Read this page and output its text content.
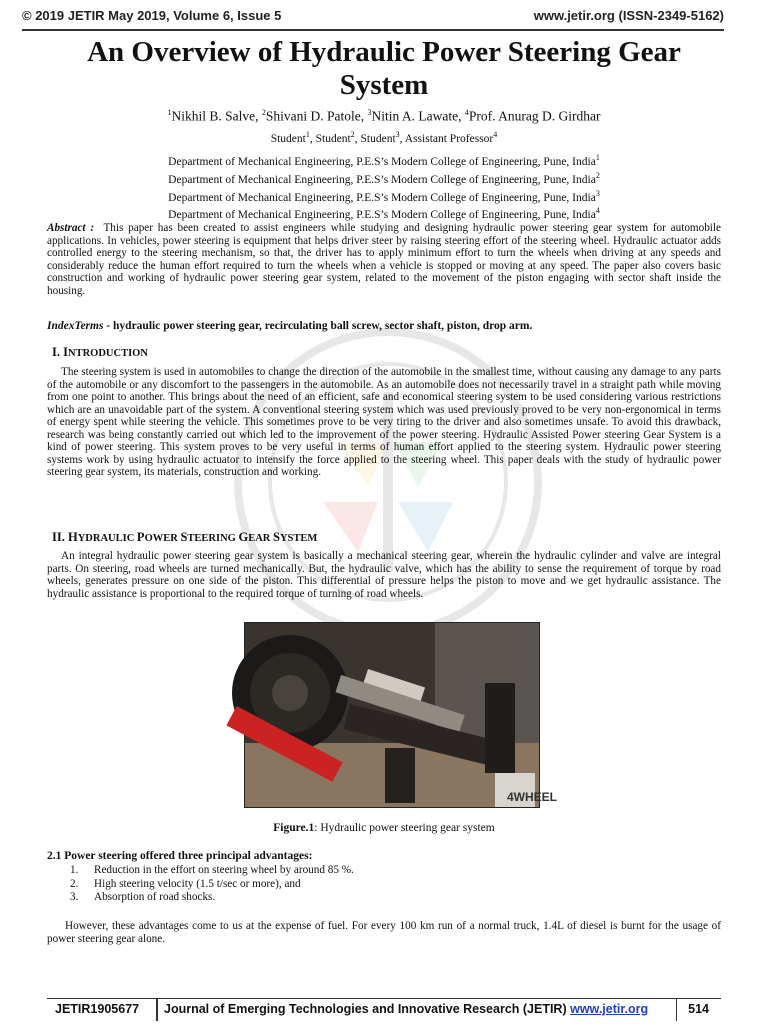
© 2019 JETIR May 2019, Volume 6, Issue 5	www.jetir.org (ISSN-2349-5162)
An Overview of Hydraulic Power Steering Gear System
$^1$Nikhil B. Salve, $^2$Shivani D. Patole, $^3$Nitin A. Lawate, $^4$Prof. Anurag D. Girdhar
Student$^1$, Student$^2$, Student$^3$, Assistant Professor$^4$
Department of Mechanical Engineering, P.E.S’s Modern College of Engineering, Pune, India$^1$
Department of Mechanical Engineering, P.E.S’s Modern College of Engineering, Pune, India$^2$
Department of Mechanical Engineering, P.E.S’s Modern College of Engineering, Pune, India$^3$
Department of Mechanical Engineering, P.E.S’s Modern College of Engineering, Pune, India$^4$
Abstract : This paper has been created to assist engineers while studying and designing hydraulic power steering gear system for automobile applications. In vehicles, power steering is equipment that helps driver steer by raising steering effort of the steering wheel. Hydraulic actuator adds controlled energy to the steering mechanism, so that, the driver has to apply minimum effort to turn the wheels when driving at any speeds and considerably reduce the human effort required to turn the wheels when a vehicle is stopped or moving at any speed. The paper also covers basic construction and working of hydraulic power steering gear system, related to the movement of the piston engaging with sector shaft inside the housing.
IndexTerms - hydraulic power steering gear, recirculating ball screw, sector shaft, piston, drop arm.
I. INTRODUCTION
The steering system is used in automobiles to change the direction of the automobile in the smallest time, without causing any damage to any parts of the automobile or any discomfort to the passengers in the automobile. As an automobile does not necessarily travel in a straight path while moving from one point to another. This brings about the need of an efficient, safe and economical steering system to be used considering various restrictions which are an unavoidable part of the system. A conventional steering system which was used previously proved to be very non-ergonomical in terms of energy spent while steering the vehicle. This sometimes prove to be very tiring to the driver and also sometimes unsafe. To avoid this drawback, research was being constantly carried out which led to the improvement of the power steering. Hydraulic Assisted Power steering Gear System is a kind of power steering. This system proves to be very useful in terms of human effort applied to the steering system. Hydraulic power steering systems work by using hydraulic actuator to intensify the force applied to the steering wheel. This paper deals with the study of hydraulic power steering gear system, its materials, construction and working.
II. HYDRAULIC POWER STEERING GEAR SYSTEM
An integral hydraulic power steering gear system is basically a mechanical steering gear, wherein the hydraulic cylinder and valve are integral parts. On steering, road wheels are turned mechanically. But, the hydraulic valve, which has the ability to sense the requirement of torque by road wheels, generates pressure on one side of the piston. This differential of pressure helps the piston to move and we get hydraulic assistance. The hydraulic assistance is proportional to the required torque of turning of road wheels.
4WHEEL
Figure.1: Hydraulic power steering gear system
2.1 Power steering offered three principal advantages:
1. Reduction in the effort on steering wheel by around 85 %.
2. High steering velocity (1.5 t/sec or more), and
3. Absorption of road shocks.
However, these advantages come to us at the expense of fuel. For every 100 km run of a normal truck, 1.4L of diesel is burnt for the usage of power steering gear alone.
JETIR1905677 Journal of Emerging Technologies and Innovative Research (JETIR) www.jetir.org	514
